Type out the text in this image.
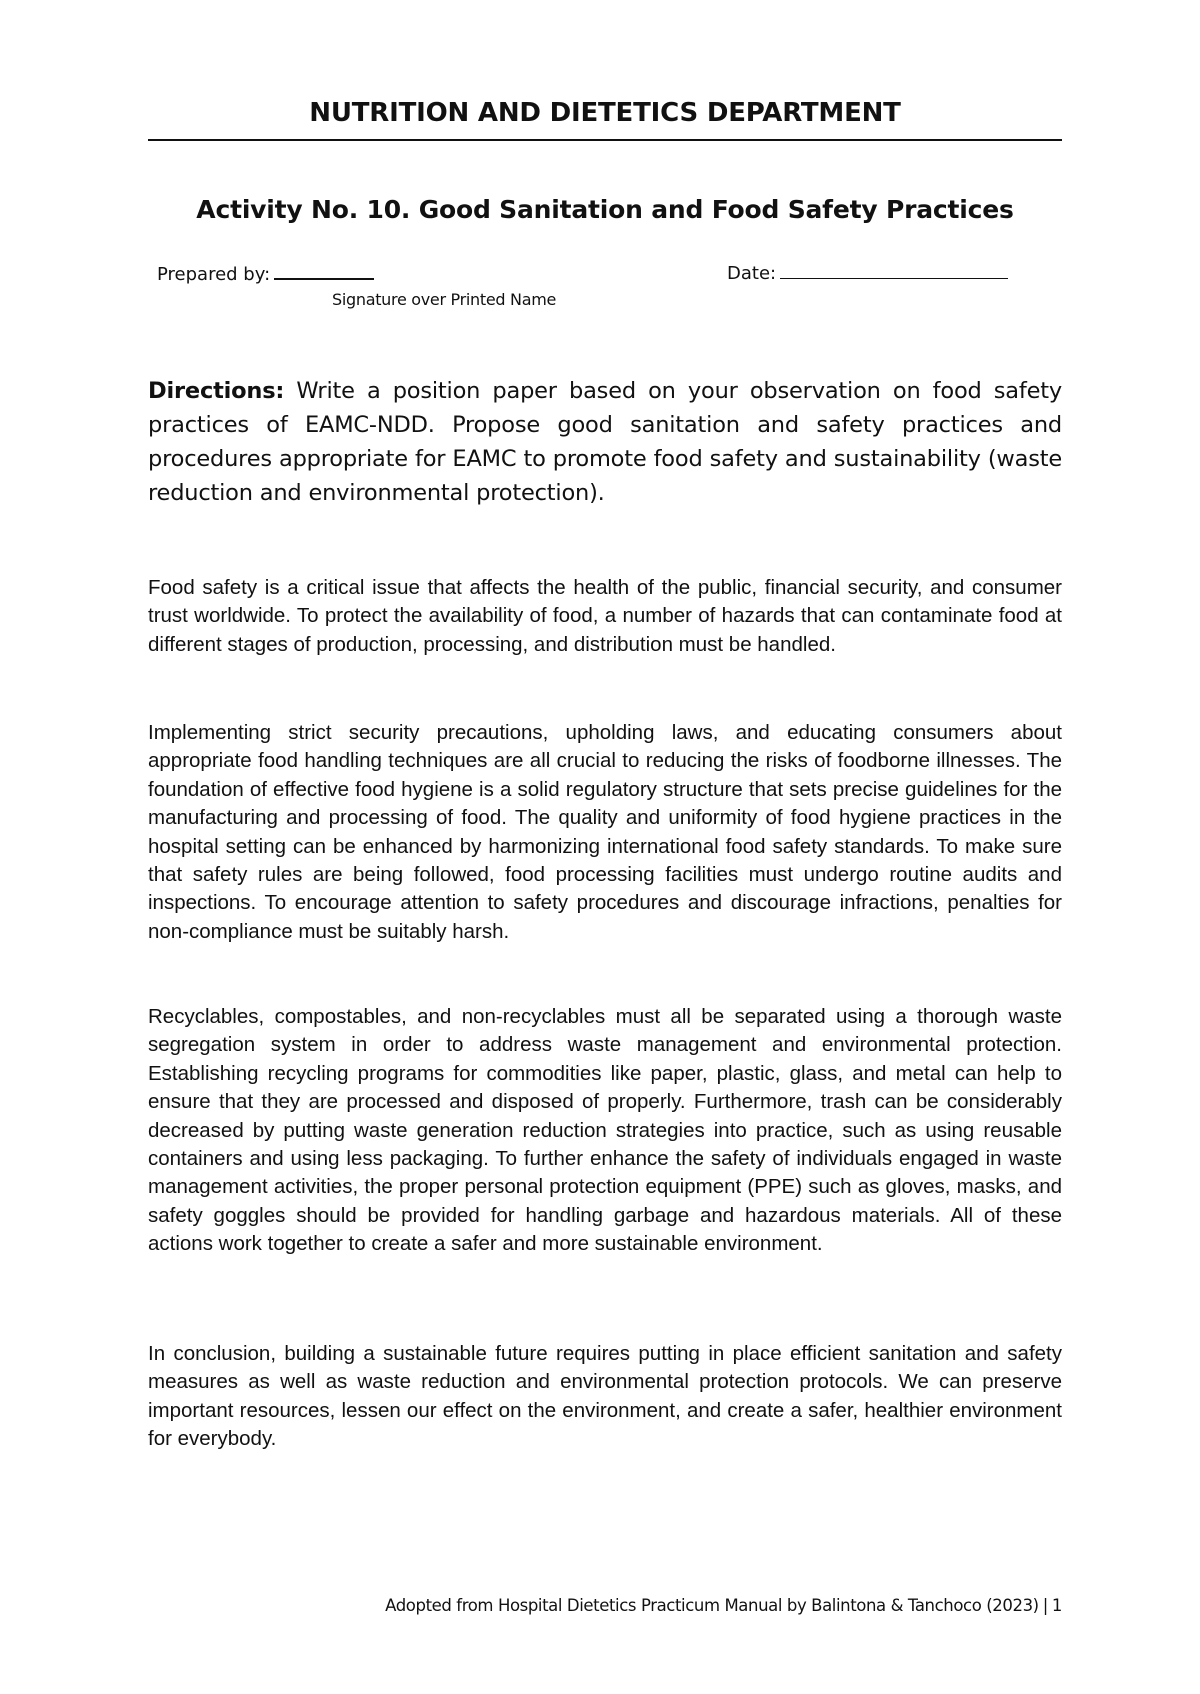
NUTRITION AND DIETETICS DEPARTMENT
Activity No. 10. Good Sanitation and Food Safety Practices
Prepared by:	Date:
Signature over Printed Name
Directions: Write a position paper based on your observation on food safety practices of EAMC-NDD. Propose good sanitation and safety practices and procedures appropriate for EAMC to promote food safety and sustainability (waste reduction and environmental protection).

Food safety is a critical issue that affects the health of the public, financial security, and consumer trust worldwide. To protect the availability of food, a number of hazards that can contaminate food at different stages of production, processing, and distribution must be handled.

Implementing strict security precautions, upholding laws, and educating consumers about appropriate food handling techniques are all crucial to reducing the risks of foodborne illnesses. The foundation of effective food hygiene is a solid regulatory structure that sets precise guidelines for the manufacturing and processing of food. The quality and uniformity of food hygiene practices in the hospital setting can be enhanced by harmonizing international food safety standards. To make sure that safety rules are being followed, food processing facilities must undergo routine audits and inspections. To encourage attention to safety procedures and discourage infractions, penalties for non-compliance must be suitably harsh.

Recyclables, compostables, and non-recyclables must all be separated using a thorough waste segregation system in order to address waste management and environmental protection. Establishing recycling programs for commodities like paper, plastic, glass, and metal can help to ensure that they are processed and disposed of properly. Furthermore, trash can be considerably decreased by putting waste generation reduction strategies into practice, such as using reusable containers and using less packaging. To further enhance the safety of individuals engaged in waste management activities, the proper personal protection equipment (PPE) such as gloves, masks, and safety goggles should be provided for handling garbage and hazardous materials. All of these actions work together to create a safer and more sustainable environment.

In conclusion, building a sustainable future requires putting in place efficient sanitation and safety measures as well as waste reduction and environmental protection protocols. We can preserve important resources, lessen our effect on the environment, and create a safer, healthier environment for everybody.

Adopted from Hospital Dietetics Practicum Manual by Balintona & Tanchoco (2023) | 1
